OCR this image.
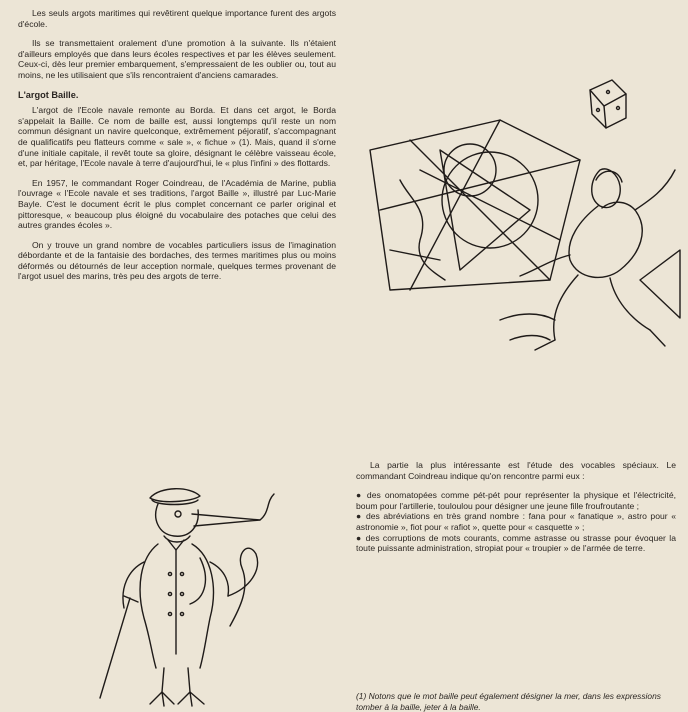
Les seuls argots maritimes qui revêtirent quelque importance furent des argots d'école.

Ils se transmettaient oralement d'une promotion à la suivante. Ils n'étaient d'ailleurs employés que dans leurs écoles respectives et par les élèves seulement. Ceux-ci, dès leur premier embarquement, s'empressaient de les oublier ou, tout au moins, ne les utilisaient que s'ils rencontraient d'anciens camarades.

L'argot Baille.

L'argot de l'Ecole navale remonte au Borda. Et dans cet argot, le Borda s'appelait la Baille. Ce nom de baille est, aussi longtemps qu'il reste un nom commun désignant un navire quelconque, extrêmement péjoratif, s'accompagnant de qualificatifs peu flatteurs comme « sale », « fichue » (1). Mais, quand il s'orne d'une initiale capitale, il revêt toute sa gloire, désignant le célèbre vaisseau école, et, par héritage, l'Ecole navale à terre d'aujourd'hui, le « plus l'infini » des flottards.

En 1957, le commandant Roger Coindreau, de l'Académia de Marine, publia l'ouvrage « l'Ecole navale et ses traditions, l'argot Baille », illustré par Luc-Marie Bayle. C'est le document écrit le plus complet concernant ce parler original et pittoresque, « beaucoup plus éloigné du vocabulaire des potaches que celui des autres grandes écoles ».

On y trouve un grand nombre de vocables particuliers issus de l'imagination débordante et de la fantaisie des bordaches, des termes maritimes plus ou moins déformés ou détournés de leur acception normale, quelques termes provenant de l'argot usuel des marins, très peu des argots de terre.

La partie la plus intéressante est l'étude des vocables spéciaux. Le commandant Coindreau indique qu'on rencontre parmi eux :

● des onomatopées comme pét-pét pour représenter la physique et l'électricité, boum pour l'artillerie, touloulou pour désigner une jeune fille froufroutante ;

● des abréviations en très grand nombre : fana pour « fanatique », astro pour « astronomie », fiot pour « rafiot », quette pour « casquette » ;

● des corruptions de mots courants, comme astrasse ou strasse pour évoquer la toute puissante administration, stropiat pour « troupier » de l'armée de terre.

(1) Notons que le mot baille peut également désigner la mer, dans les expressions tomber à la baille, jeter à la baille.
